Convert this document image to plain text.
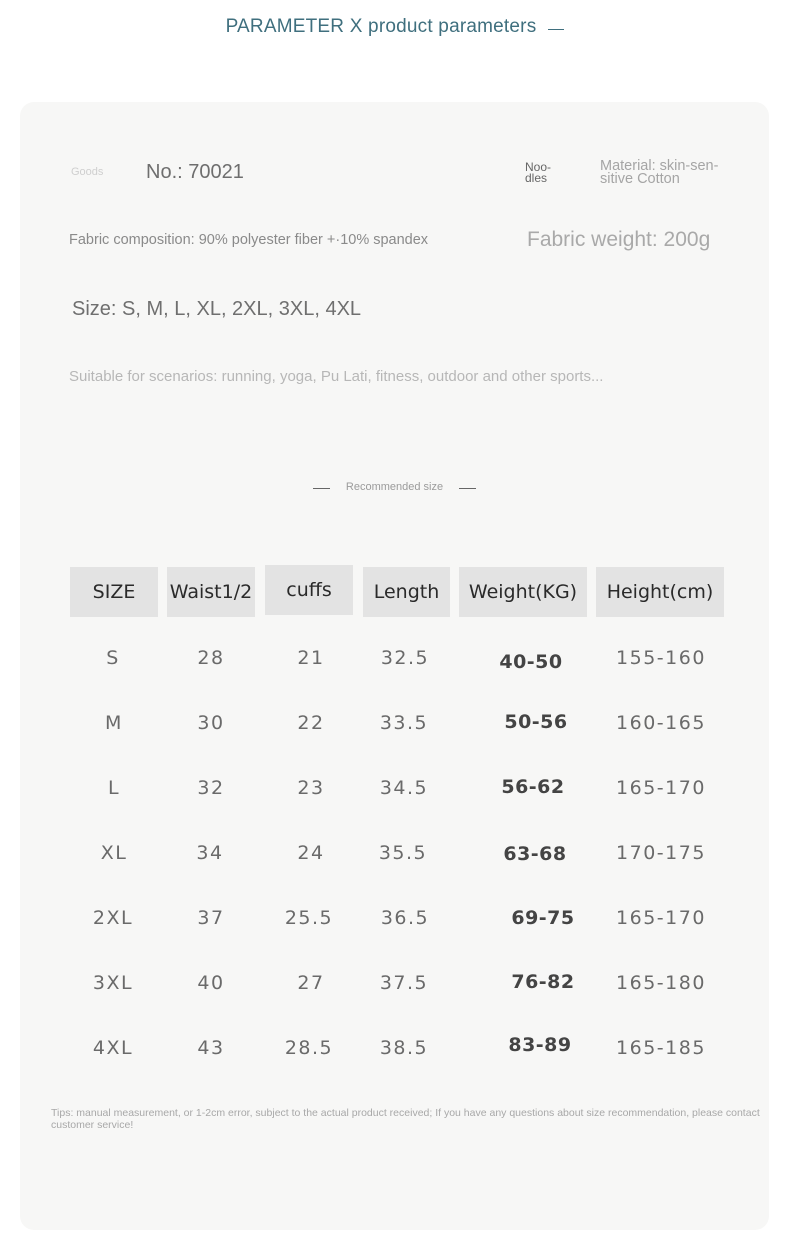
PARAMETER X product parameters
Goods No.: 70021	Noo-dles
Material: skin-sen-sitive Cotton
Fabric composition: 90% polyester fiber +·10% spandex	Fabric weight: 200g
Size: S, M, L, XL, 2XL, 3XL, 4XL
Suitable for scenarios: running, yoga, Pu Lati, fitness, outdoor and other sports...
Recommended size
SIZE	Waist1/2	cuffs	Length	Weight(KG)	Height(cm)
S	28	21	32.5	40-50	155-160
M	30	22	33.5	50-56	160-165
L	32	23	34.5	56-62	165-170
XL	34	24	35.5	63-68	170-175
2XL	37	25.5	36.5	69-75	165-170
3XL	40	27	37.5	76-82	165-180
4XL	43	28.5	38.5	83-89	165-185
Tips: manual measurement, or 1-2cm error, subject to the actual product received; If you have any questions about size recommendation, please contact customer service!
